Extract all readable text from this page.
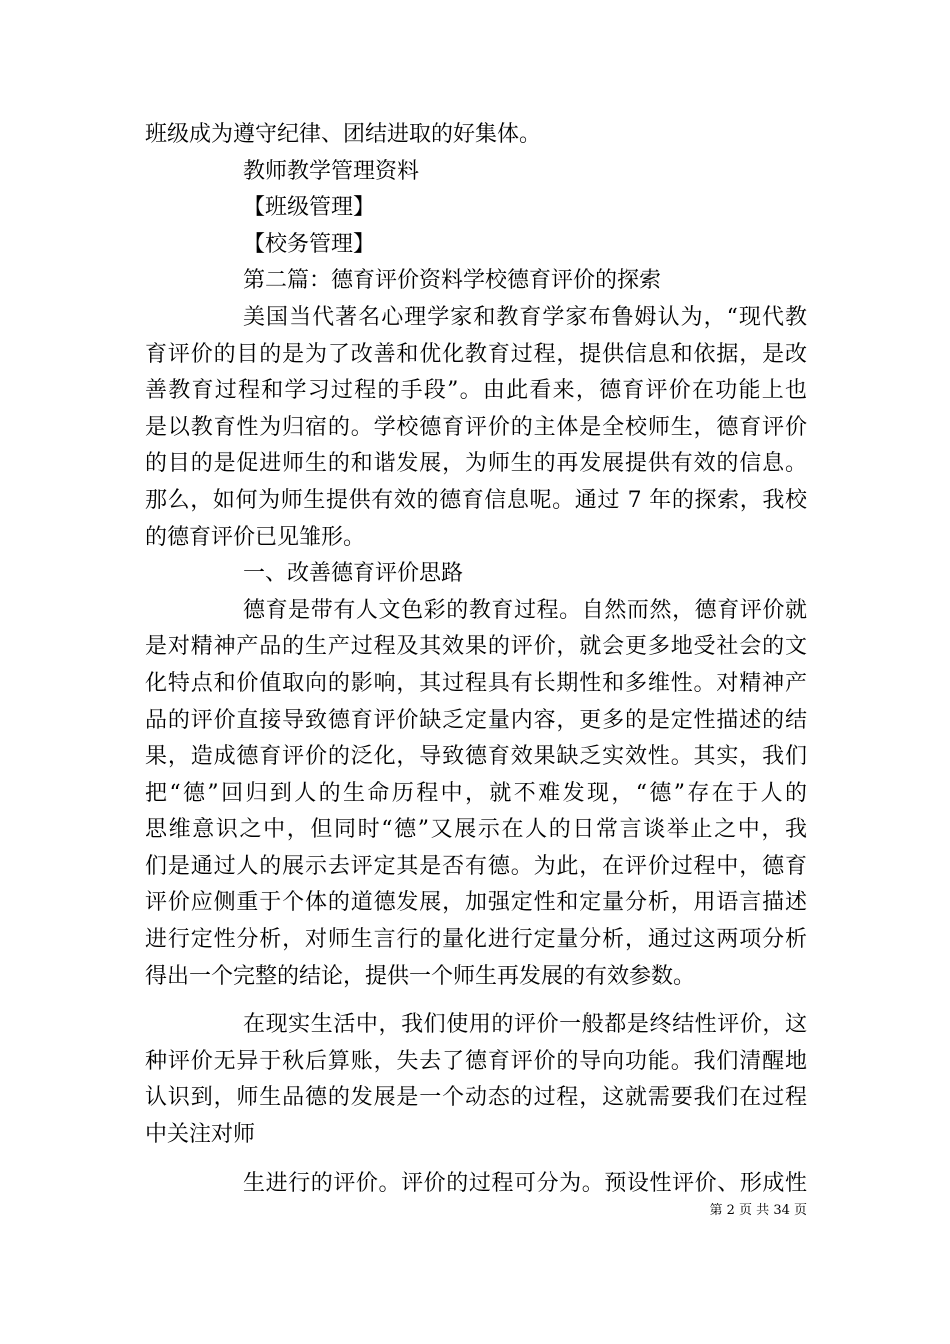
班级成为遵守纪律、团结进取的好集体。
教师教学管理资料
【班级管理】
【校务管理】
第二篇：德育评价资料学校德育评价的探索
美国当代著名心理学家和教育学家布鲁姆认为，“现代教
育评价的目的是为了改善和优化教育过程，提供信息和依据，是改
善教育过程和学习过程的手段”。由此看来，德育评价在功能上也
是以教育性为归宿的。学校德育评价的主体是全校师生，德育评价
的目的是促进师生的和谐发展，为师生的再发展提供有效的信息。
那么，如何为师生提供有效的德育信息呢。通过 7 年的探索，我校
的德育评价已见雏形。
一、改善德育评价思路
德育是带有人文色彩的教育过程。自然而然，德育评价就
是对精神产品的生产过程及其效果的评价，就会更多地受社会的文
化特点和价值取向的影响，其过程具有长期性和多维性。对精神产
品的评价直接导致德育评价缺乏定量内容，更多的是定性描述的结
果，造成德育评价的泛化，导致德育效果缺乏实效性。其实，我们
把“德”回归到人的生命历程中，就不难发现，“德”存在于人的
思维意识之中，但同时“德”又展示在人的日常言谈举止之中，我
们是通过人的展示去评定其是否有德。为此，在评价过程中，德育
评价应侧重于个体的道德发展，加强定性和定量分析，用语言描述
进行定性分析，对师生言行的量化进行定量分析，通过这两项分析
得出一个完整的结论，提供一个师生再发展的有效参数。
在现实生活中，我们使用的评价一般都是终结性评价，这
种评价无异于秋后算账，失去了德育评价的导向功能。我们清醒地
认识到，师生品德的发展是一个动态的过程，这就需要我们在过程
中关注对师
生进行的评价。评价的过程可分为。预设性评价、形成性
第 2 页 共 34 页
